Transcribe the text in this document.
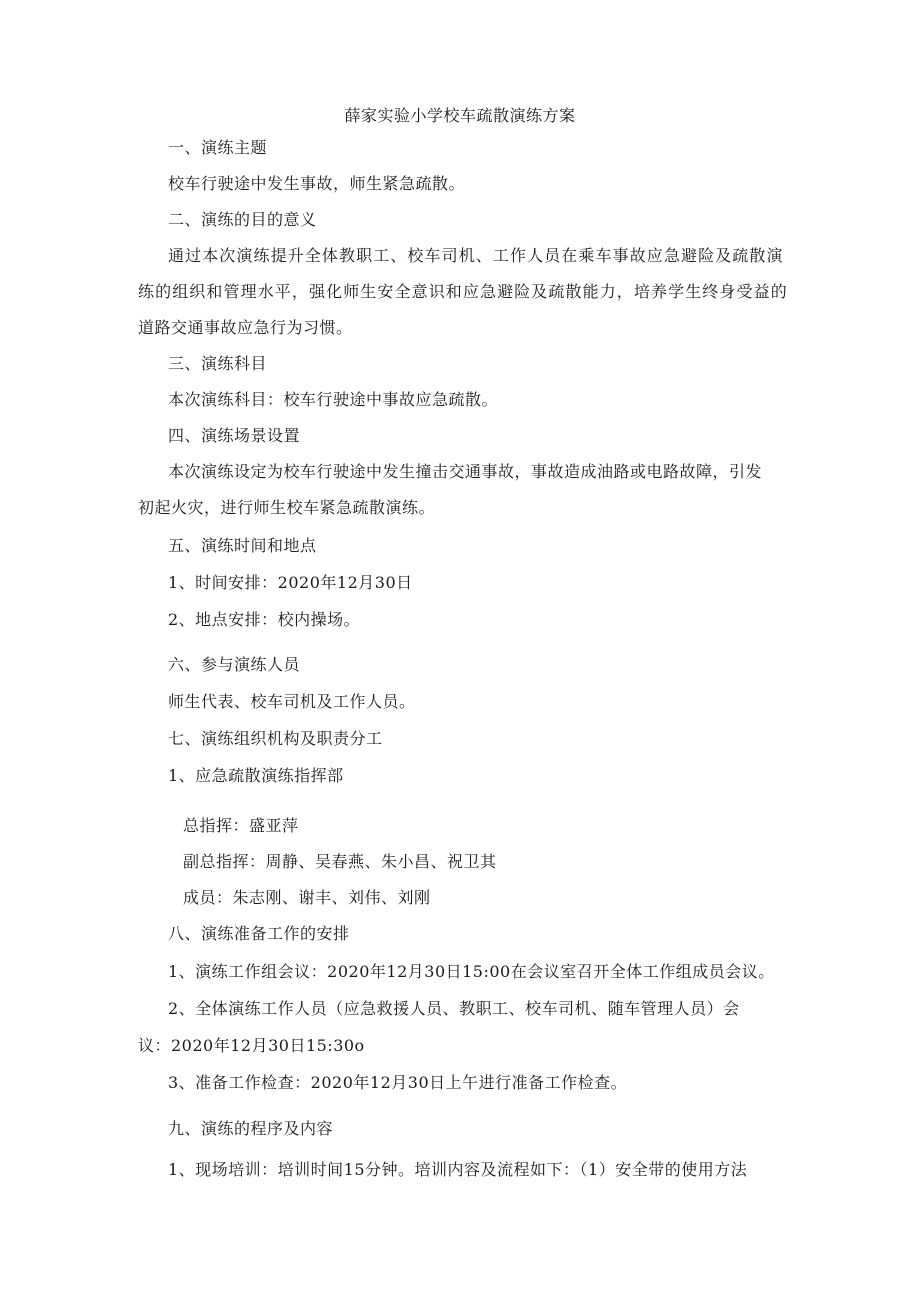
薛家实验小学校车疏散演练方案
一、演练主题
校车行驶途中发生事故，师生紧急疏散。
二、演练的目的意义
通过本次演练提升全体教职工、校车司机、工作人员在乘车事故应急避险及疏散演
练的组织和管理水平，强化师生安全意识和应急避险及疏散能力，培养学生终身受益的
道路交通事故应急行为习惯。
三、演练科目
本次演练科目：校车行驶途中事故应急疏散。
四、演练场景设置
本次演练设定为校车行驶途中发生撞击交通事故，事故造成油路或电路故障，引发
初起火灾，进行师生校车紧急疏散演练。
五、演练时间和地点
1、时间安排：2020年12月30日
2、地点安排：校内操场。
六、参与演练人员
师生代表、校车司机及工作人员。
七、演练组织机构及职责分工
1、应急疏散演练指挥部
总指挥：盛亚萍
副总指挥：周静、吴春燕、朱小昌、祝卫其
成员：朱志刚、谢丰、刘伟、刘刚
八、演练准备工作的安排
1、演练工作组会议：2020年12月30日15:00在会议室召开全体工作组成员会议。
2、全体演练工作人员（应急救援人员、教职工、校车司机、随车管理人员）会
议：2020年12月30日15:30o
3、准备工作检查：2020年12月30日上午进行准备工作检查。
九、演练的程序及内容
1、现场培训：培训时间15分钟。培训内容及流程如下：（1）安全带的使用方法
